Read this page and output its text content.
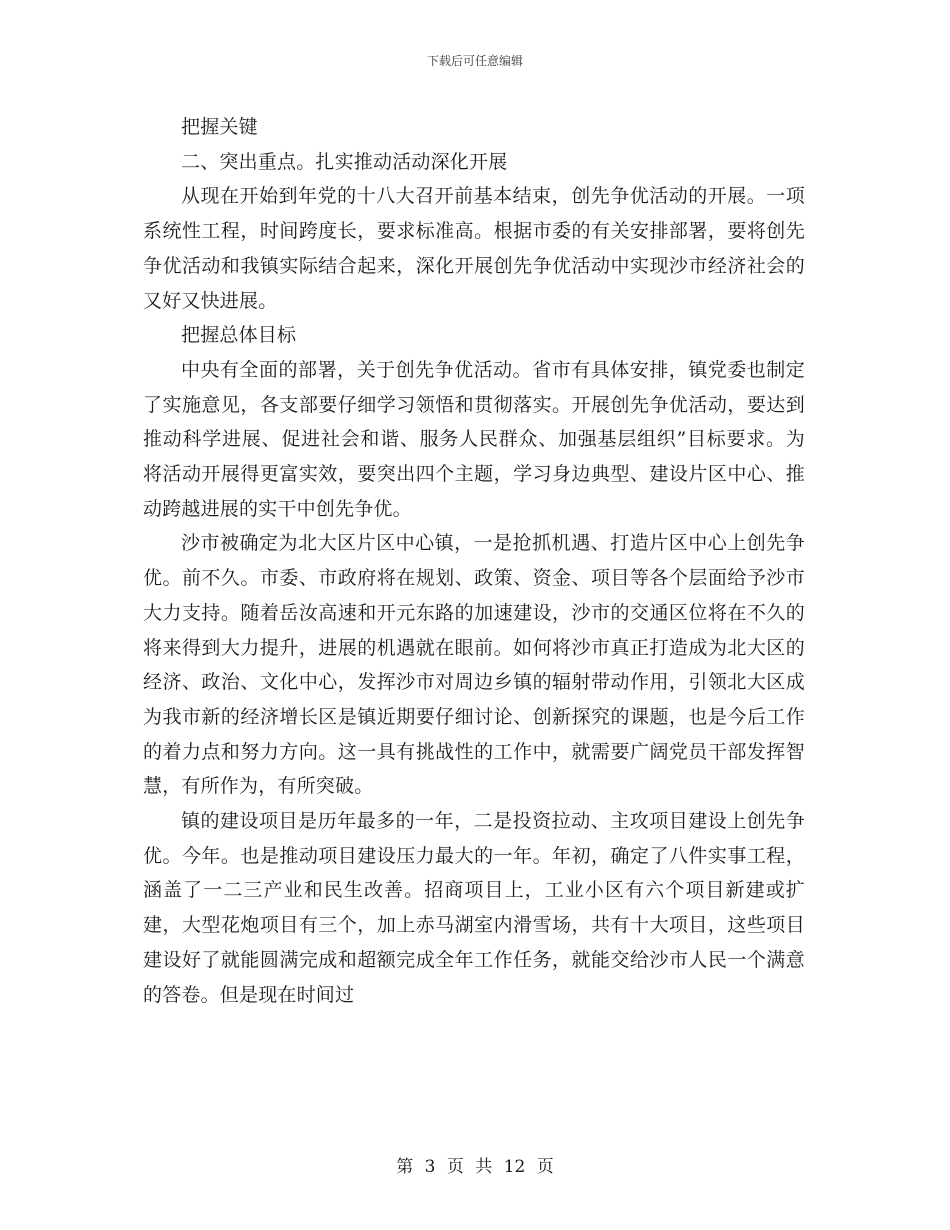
下载后可任意编辑

把握关键

二、突出重点。扎实推动活动深化开展

从现在开始到年党的十八大召开前基本结束，创先争优活动的开展。一项系统性工程，时间跨度长，要求标准高。根据市委的有关安排部署，要将创先争优活动和我镇实际结合起来，深化开展创先争优活动中实现沙市经济社会的又好又快进展。

把握总体目标

中央有全面的部署，关于创先争优活动。省市有具体安排，镇党委也制定了实施意见，各支部要仔细学习领悟和贯彻落实。开展创先争优活动，要达到推动科学进展、促进社会和谐、服务人民群众、加强基层组织”目标要求。为将活动开展得更富实效，要突出四个主题，学习身边典型、建设片区中心、推动跨越进展的实干中创先争优。

沙市被确定为北大区片区中心镇，一是抢抓机遇、打造片区中心上创先争优。前不久。市委、市政府将在规划、政策、资金、项目等各个层面给予沙市大力支持。随着岳汝高速和开元东路的加速建设，沙市的交通区位将在不久的将来得到大力提升，进展的机遇就在眼前。如何将沙市真正打造成为北大区的经济、政治、文化中心，发挥沙市对周边乡镇的辐射带动作用，引领北大区成为我市新的经济增长区是镇近期要仔细讨论、创新探究的课题，也是今后工作的着力点和努力方向。这一具有挑战性的工作中，就需要广阔党员干部发挥智慧，有所作为，有所突破。

镇的建设项目是历年最多的一年，二是投资拉动、主攻项目建设上创先争优。今年。也是推动项目建设压力最大的一年。年初，确定了八件实事工程，涵盖了一二三产业和民生改善。招商项目上，工业小区有六个项目新建或扩建，大型花炮项目有三个，加上赤马湖室内滑雪场，共有十大项目，这些项目建设好了就能圆满完成和超额完成全年工作任务，就能交给沙市人民一个满意的答卷。但是现在时间过

第 3 页 共 12 页
